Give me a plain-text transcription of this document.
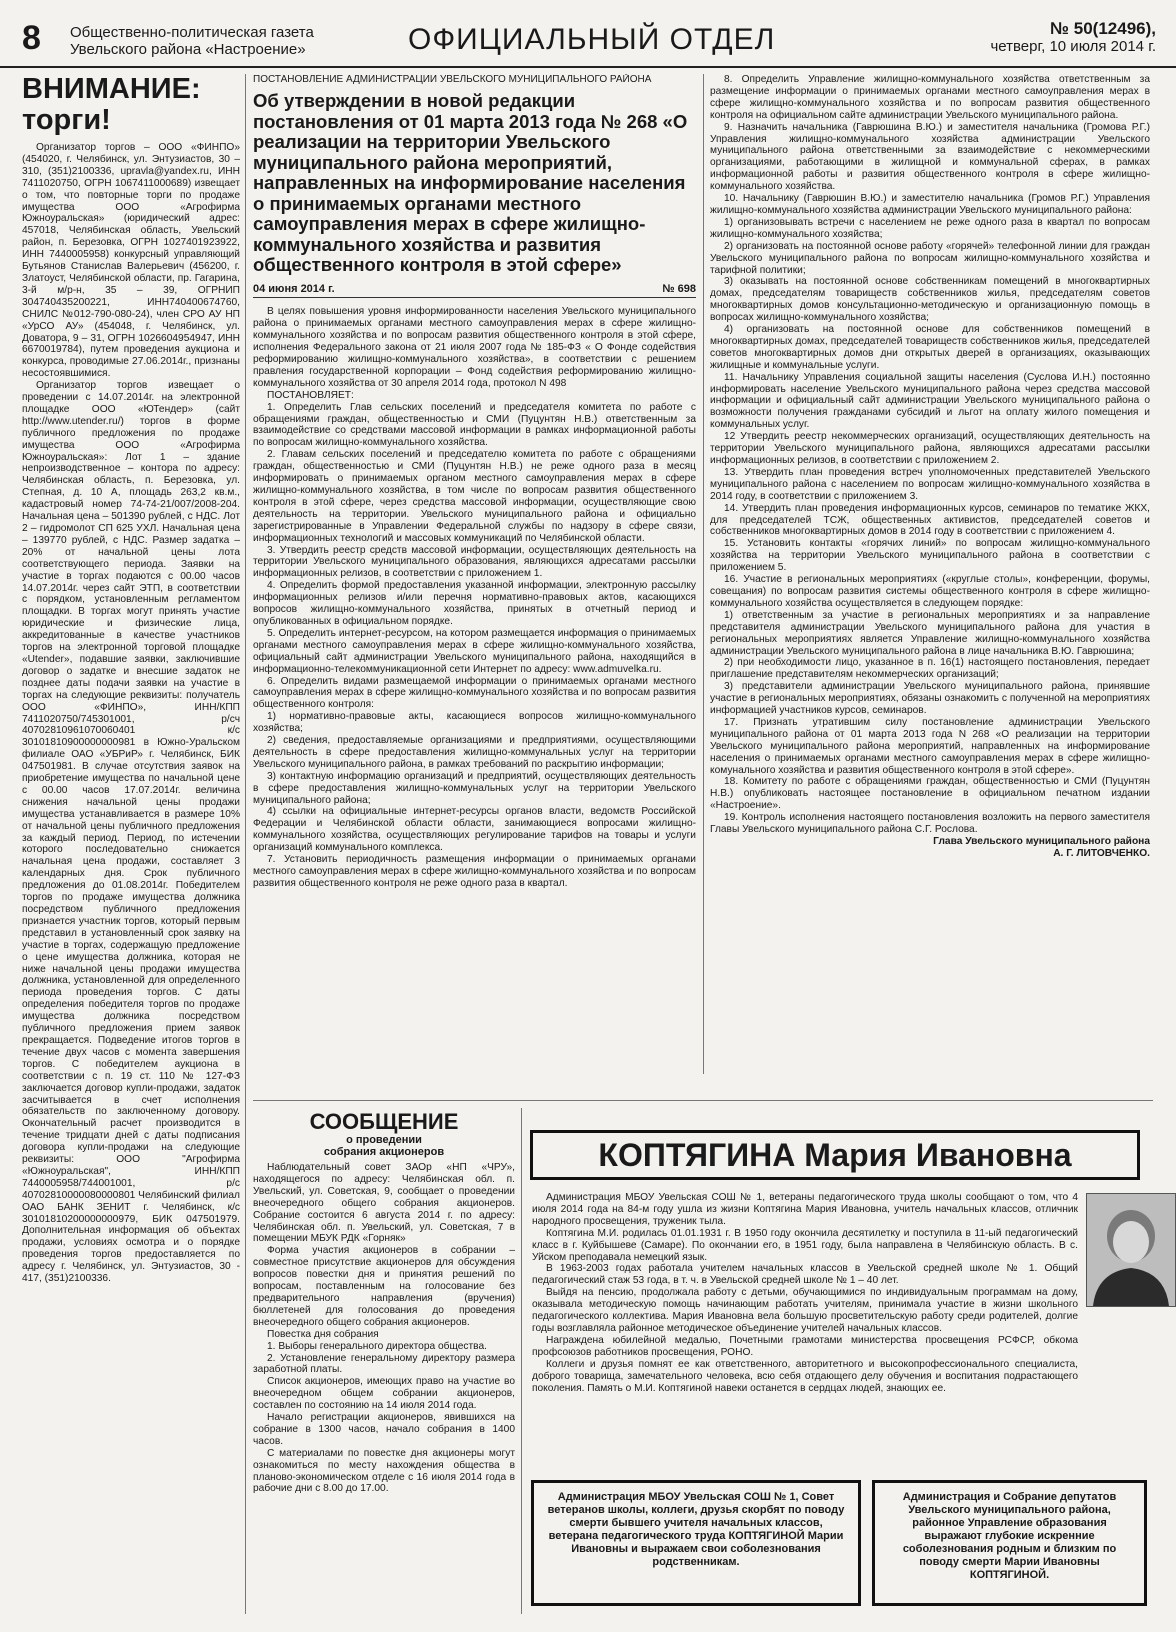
8 Общественно-политическая газета
Увельского района «Настроение»	ОФИЦИАЛЬНЫЙ ОТДЕЛ	№ 50(12496),
четверг, 10 июля 2014 г.
ВНИМАНИЕ:
торги!

Организатор торгов – ООО «ФИНПО» (454020, г. Челябинск, ул. Энтузиастов, 30 – 310, (351)2100336, upravla@yandex.ru, ИНН 7411020750, ОГРН 1067411000689) извещает о том, что повторные торги по продаже имущества ООО «Агрофирма Южноуральская» (юридический адрес: 457018, Челябинская область, Увельский район, п. Березовка, ОГРН 1027401923922, ИНН 7440005958) конкурсный управляющий Бутьянов Станислав Валерьевич (456200, г. Златоуст, Челябинской области, пр. Гагарина, 3-й м/р-н, 35 – 39, ОГРНИП 304740435200221, ИНН740400674760, СНИЛС №012-790-080-24), член СРО АУ НП «УрСО АУ» (454048, г. Челябинск, ул. Доватора, 9 – 31, ОГРН 1026604954947, ИНН 6670019784), путем проведения аукциона и конкурса, проводимые 27.06.2014г., признаны несостоявшимися.

Организатор торгов извещает о проведении с 14.07.2014г. на электронной площадке ООО «ЮТендер» (сайт http://www.utender.ru/) торгов в форме публичного предложения по продаже имущества ООО «Агрофирма Южноуральская»: Лот 1 – здание непроизводственное – контора по адресу: Челябинская область, п. Березовка, ул. Степная, д. 10 А, площадь 263,2 кв.м., кадастровый номер 74-74-21/007/2008-204. Начальная цена – 501390 рублей, с НДС. Лот 2 – гидромолот СП 625 УХЛ. Начальная цена – 139770 рублей, с НДС. Размер задатка – 20% от начальной цены лота соответствующего периода. Заявки на участие в торгах подаются с 00.00 часов 14.07.2014г. через сайт ЭТП, в соответствии с порядком, установленным регламентом площадки. В торгах могут принять участие юридические и физические лица, аккредитованные в качестве участников торгов на электронной торговой площадке «Utender», подавшие заявки, заключившие договор о задатке и внесшие задаток не позднее даты подачи заявки на участие в торгах на следующие реквизиты: получатель ООО «ФИНПО», ИНН/КПП 7411020750/745301001, р/сч 40702810961070060401 к/с 30101810900000000981 в Южно-Уральском филиале ОАО «УБРиР» г. Челябинск, БИК 047501981. В случае отсутствия заявок на приобретение имущества по начальной цене с 00.00 часов 17.07.2014г. величина снижения начальной цены продажи имущества устанавливается в размере 10% от начальной цены публичного предложения за каждый период. Период, по истечении которого последовательно снижается начальная цена продажи, составляет 3 календарных дня. Срок публичного предложения до 01.08.2014г. Победителем торгов по продаже имущества должника посредством публичного предложения признается участник торгов, который первым представил в установленный срок заявку на участие в торгах, содержащую предложение о цене имущества должника, которая не ниже начальной цены продажи имущества должника, установленной для определенного периода проведения торгов. С даты определения победителя торгов по продаже имущества должника посредством публичного предложения прием заявок прекращается. Подведение итогов торгов в течение двух часов с момента завершения торгов. С победителем аукциона в соответствии с п. 19 ст. 110 № 127-ФЗ заключается договор купли-продажи, задаток засчитывается в счет исполнения обязательств по заключенному договору. Окончательный расчет производится в течение тридцати дней с даты подписания договора купли-продажи на следующие реквизиты: ООО "Агрофирма «Южноуральская", ИНН/КПП 7440005958/744001001, р/с 40702810000080000801 Челябинский филиал ОАО БАНК ЗЕНИТ г. Челябинск, к/с 30101810200000000979, БИК 047501979. Дополнительная информация об объектах продажи, условиях осмотра и о порядке проведения торгов предоставляется по адресу г. Челябинск, ул. Энтузиастов, 30 - 417, (351)2100336.

ПОСТАНОВЛЕНИЕ АДМИНИСТРАЦИИ УВЕЛЬСКОГО МУНИЦИПАЛЬНОГО РАЙОНА
Об утверждении в новой редакции постановления от 01 марта 2013 года № 268 «О реализации на территории Увельского муниципального района мероприятий, направленных на информирование населения о принимаемых органами местного самоуправления мерах в сфере жилищно-коммунального хозяйства и развития общественного контроля в этой сфере»
04 июня 2014 г.	№ 698

В целях повышения уровня информированности населения Увельского муниципального района о принимаемых органами местного самоуправления мерах в сфере жилищно-коммунального хозяйства и по вопросам развития общественного контроля в этой сфере, исполнения Федерального закона от 21 июля 2007 года № 185-ФЗ « О Фонде содействия реформированию жилищно-коммунального хозяйства», в соответствии с решением правления государственной корпорации – Фонд содействия реформированию жилищно-коммунального хозяйства от 30 апреля 2014 года, протокол N 498

ПОСТАНОВЛЯЕТ:

1. Определить Глав сельских поселений и председателя комитета по работе с обращениями граждан, общественностью и СМИ (Пуцунтян Н.В.) ответственным за взаимодействие со средствами массовой информации в рамках информационной работы по вопросам жилищно-коммунального хозяйства.

2. Главам сельских поселений и председателю комитета по работе с обращениями граждан, общественностью и СМИ (Пуцунтян Н.В.) не реже одного раза в месяц информировать о принимаемых органом местного самоуправления мерах в сфере жилищно-коммунального хозяйства, в том числе по вопросам развития общественного контроля в этой сфере, через средства массовой информации, осуществляющие свою деятельность на территории. Увельского муниципального района и официально зарегистрированные в Управлении Федеральной службы по надзору в сфере связи, информационных технологий и массовых коммуникаций по Челябинской области.

3. Утвердить реестр средств массовой информации, осуществляющих деятельность на территории Увельского муниципального образования, являющихся адресатами рассылки информационных релизов, в соответствии с приложением 1.

4. Определить формой предоставления указанной информации, электронную рассылку информационных релизов и/или перечня нормативно-правовых актов, касающихся вопросов жилищно-коммунального хозяйства, принятых в отчетный период и опубликованных в официальном порядке.

5. Определить интернет-ресурсом, на котором размещается информация о принимаемых органами местного самоуправления мерах в сфере жилищно-коммунального хозяйства, официальный сайт администрации Увельского муниципального района, находящийся в информационно-телекоммуникационной сети Интернет по адресу: www.admuvelka.ru.

6. Определить видами размещаемой информации о принимаемых органами местного самоуправления мерах в сфере жилищно-коммунального хозяйства и по вопросам развития общественного контроля:

1) нормативно-правовые акты, касающиеся вопросов жилищно-коммунального хозяйства;

2) сведения, предоставляемые организациями и предприятиями, осуществляющими деятельность в сфере предоставления жилищно-коммунальных услуг на территории Увельского муниципального района, в рамках требований по раскрытию информации;

3) контактную информацию организаций и предприятий, осуществляющих деятельность в сфере предоставления жилищно-коммунальных услуг на территории Увельского муниципального района;

4) ссылки на официальные интернет-ресурсы органов власти, ведомств Российской Федерации и Челябинской области области, занимающиеся вопросами жилищно-коммунального хозяйства, осуществляющих регулирование тарифов на товары и услуги организаций коммунального комплекса.

7. Установить периодичность размещения информации о принимаемых органами местного самоуправления мерах в сфере жилищно-коммунального хозяйства и по вопросам развития общественного контроля не реже одного раза в квартал.

8. Определить Управление жилищно-коммунального хозяйства ответственным за размещение информации о принимаемых органами местного самоуправления мерах в сфере жилищно-коммунального хозяйства и по вопросам развития общественного контроля на официальном сайте администрации Увельского муниципального района.

9. Назначить начальника (Гаврюшина В.Ю.) и заместителя начальника (Громова Р.Г.) Управления жилищно-коммунального хозяйства администрации Увельского муниципального района ответственными за взаимодействие с некоммерческими организациями, работающими в жилищной и коммунальной сферах, в рамках информационной работы и развития общественного контроля в сфере жилищно-коммунального хозяйства.

10. Начальнику (Гаврюшин В.Ю.) и заместителю начальника (Громов Р.Г.) Управления жилищно-коммунального хозяйства администрации Увельского муниципального района:

1) организовывать встречи с населением не реже одного раза в квартал по вопросам жилищно-коммунального хозяйства;

2) организовать на постоянной основе работу «горячей» телефонной линии для граждан Увельского муниципального района по вопросам жилищно-коммунального хозяйства и тарифной политики;

3) оказывать на постоянной основе собственникам помещений в многоквартирных домах, председателям товариществ собственников жилья, председателям советов многоквартирных домов консультационно-методическую и организационную помощь в вопросах жилищно-коммунального хозяйства;

4) организовать на постоянной основе для собственников помещений в многоквартирных домах, председателей товариществ собственников жилья, председателей советов многоквартирных домов дни открытых дверей в организациях, оказывающих жилищные и коммунальные услуги.

11. Начальнику Управления социальной защиты населения (Суслова И.Н.) постоянно информировать население Увельского муниципального района через средства массовой информации и официальный сайт администрации Увельского муниципального района о возможности получения гражданами субсидий и льгот на оплату жилого помещения и коммунальных услуг.

12 Утвердить реестр некоммерческих организаций, осуществляющих деятельность на территории Увельского муниципального района, являющихся адресатами рассылки информационных релизов, в соответствии с приложением 2.

13. Утвердить план проведения встреч уполномоченных представителей Увельского муниципального района с населением по вопросам жилищно-коммунального хозяйства в 2014 году, в соответствии с приложением 3.

14. Утвердить план проведения информационных курсов, семинаров по тематике ЖКХ, для председателей ТСЖ, общественных активистов, председателей советов и собственников многоквартирных домов в 2014 году в соответствии с приложением 4.

15. Установить контакты «горячих линий» по вопросам жилищно-коммунального хозяйства на территории Увельского муниципального района в соответствии с приложением 5.

16. Участие в региональных мероприятиях («круглые столы», конференции, форумы, совещания) по вопросам развития системы общественного контроля в сфере жилищно-коммунального хозяйства осуществляется в следующем порядке:

1) ответственным за участие в региональных мероприятиях и за направление представителя администрации Увельского муниципального района для участия в региональных мероприятиях является Управление жилищно-коммунального хозяйства администрации Увельского муниципального района в лице начальника В.Ю. Гаврюшина;

2) при необходимости лицо, указанное в п. 16(1) настоящего постановления, передает приглашение представителям некоммерческих организаций;

3) представители администрации Увельского муниципального района, принявшие участие в региональных мероприятиях, обязаны ознакомить с полученной на мероприятиях информацией участников курсов, семинаров.

17. Признать утратившим силу постановление администрации Увельского муниципального района от 01 марта 2013 года N 268 «О реализации на территории Увельского муниципального района мероприятий, направленных на информирование населения о принимаемых органами местного самоуправления мерах в сфере жилищно-комунального хозяйства и развития общественного контроля в этой сфере».

18. Комитету по работе с обращениями граждан, общественностью и СМИ (Пуцунтян Н.В.) опубликовать настоящее постановление в официальном печатном издании «Настроение».

19. Контроль исполнения настоящего постановления возложить на первого заместителя Главы Увельского муниципального района С.Г. Рослова.

Глава Увельского муниципального района
А. Г. ЛИТОВЧЕНКО.
СООБЩЕНИЕ
о проведении
собрания акционеров

Наблюдательный совет ЗАОр «НП «ЧРУ», находящегося по адресу: Челябинская обл. п. Увельский, ул. Советская, 9, сообщает о проведении внеочередного общего собрания акционеров. Собрание состоится 6 августа 2014 г. по адресу: Челябинская обл. п. Увельский, ул. Советская, 7 в помещении МБУК РДК «Горняк»

Форма участия акционеров в собрании – совместное присутствие акционеров для обсуждения вопросов повестки дня и принятия решений по вопросам, поставленным на голосование без предварительного направления (вручения) бюллетеней для голосования до проведения внеочередного общего собрания акционеров.

Повестка дня собрания

1. Выборы генерального директора общества.

2. Установление генеральному директору размера заработной платы.

Список акционеров, имеющих право на участие во внеочередном общем собрании акционеров, составлен по состоянию на 14 июля 2014 года.

Начало регистрации акционеров, явившихся на собрание в 1300 часов, начало собрания в 1400 часов.

С материалами по повестке дня акционеры могут ознакомиться по месту нахождения общества в планово-экономическом отделе с 16 июля 2014 года в рабочие дни с 8.00 до 17.00.

КОПТЯГИНА Мария Ивановна

Администрация МБОУ Увельская СОШ № 1, ветераны педагогического труда школы сообщают о том, что 4 июля 2014 года на 84-м году ушла из жизни Коптягина Мария Ивановна, учитель начальных классов, отличник народного просвещения, труженик тыла.

Коптягина М.И. родилась 01.01.1931 г. В 1950 году окончила десятилетку и поступила в 11-ый педагогический класс в г. Куйбышеве (Самаре). По окончании его, в 1951 году, была направлена в Челябинскую область. В с. Уйском преподавала немецкий язык.

В 1963-2003 годах работала учителем начальных классов в Увельской средней школе № 1. Общий педагогический стаж 53 года, в т. ч. в Увельской средней школе № 1 – 40 лет.

Выйдя на пенсию, продолжала работу с детьми, обучающимися по индивидуальным программам на дому, оказывала методическую помощь начинающим работать учителям, принимала участие в жизни школьного педагогического коллектива. Мария Ивановна вела большую просветительскую работу среди родителей, долгие годы возглавляла районное методическое объединение учителей начальных классов.

Награждена юбилейной медалью, Почетными грамотами министерства просвещения РСФСР, обкома профсоюзов работников просвещения, РОНО.

Коллеги и друзья помнят ее как ответственного, авторитетного и высокопрофессионального специалиста, доброго товарища, замечательного человека, всю себя отдающего делу обучения и воспитания подрастающего поколения. Память о М.И. Коптягиной навеки останется в сердцах людей, знающих ее.

Администрация МБОУ Увельская СОШ № 1, Совет ветеранов школы, коллеги, друзья скорбят по поводу смерти бывшего учителя начальных классов, ветерана педагогического труда КОПТЯГИНОЙ Марии Ивановны и выражаем свои соболезнования родственникам.
Администрация и Собрание депутатов Увельского муниципального района, районное Управление образования выражают глубокие искренние соболезнования родным и близким по поводу смерти Марии Ивановны КОПТЯГИНОЙ.
